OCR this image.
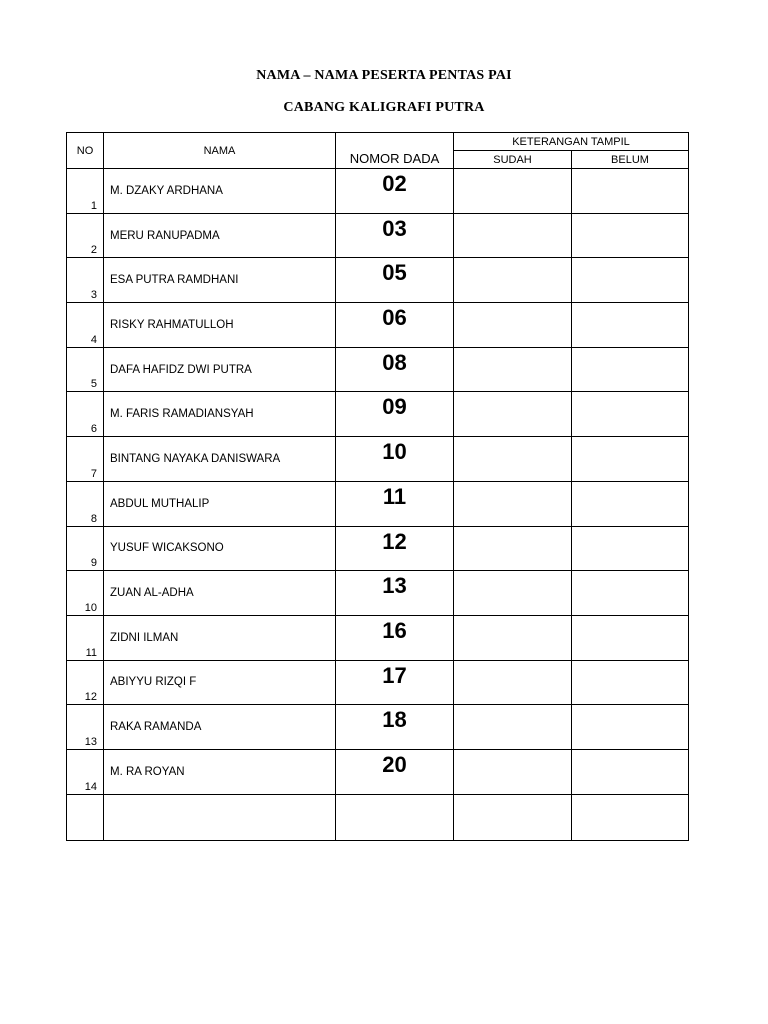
NAMA – NAMA PESERTA PENTAS PAI
CABANG KALIGRAFI PUTRA
NO	NAMA	NOMOR DADA	KETERANGAN TAMPIL	
			SUDAH	BELUM
1	M. DZAKY ARDHANA	02		
2	MERU RANUPADMA	03		
3	ESA PUTRA RAMDHANI	05		
4	RISKY RAHMATULLOH	06		
5	DAFA HAFIDZ DWI PUTRA	08		
6	M. FARIS RAMADIANSYAH	09		
7	BINTANG NAYAKA DANISWARA	10		
8	ABDUL MUTHALIP	11		
9	YUSUF WICAKSONO	12		
10	ZUAN AL-ADHA	13		
11	ZIDNI ILMAN	16		
12	ABIYYU RIZQI F	17		
13	RAKA RAMANDA	18		
14	M. RA ROYAN	20		
